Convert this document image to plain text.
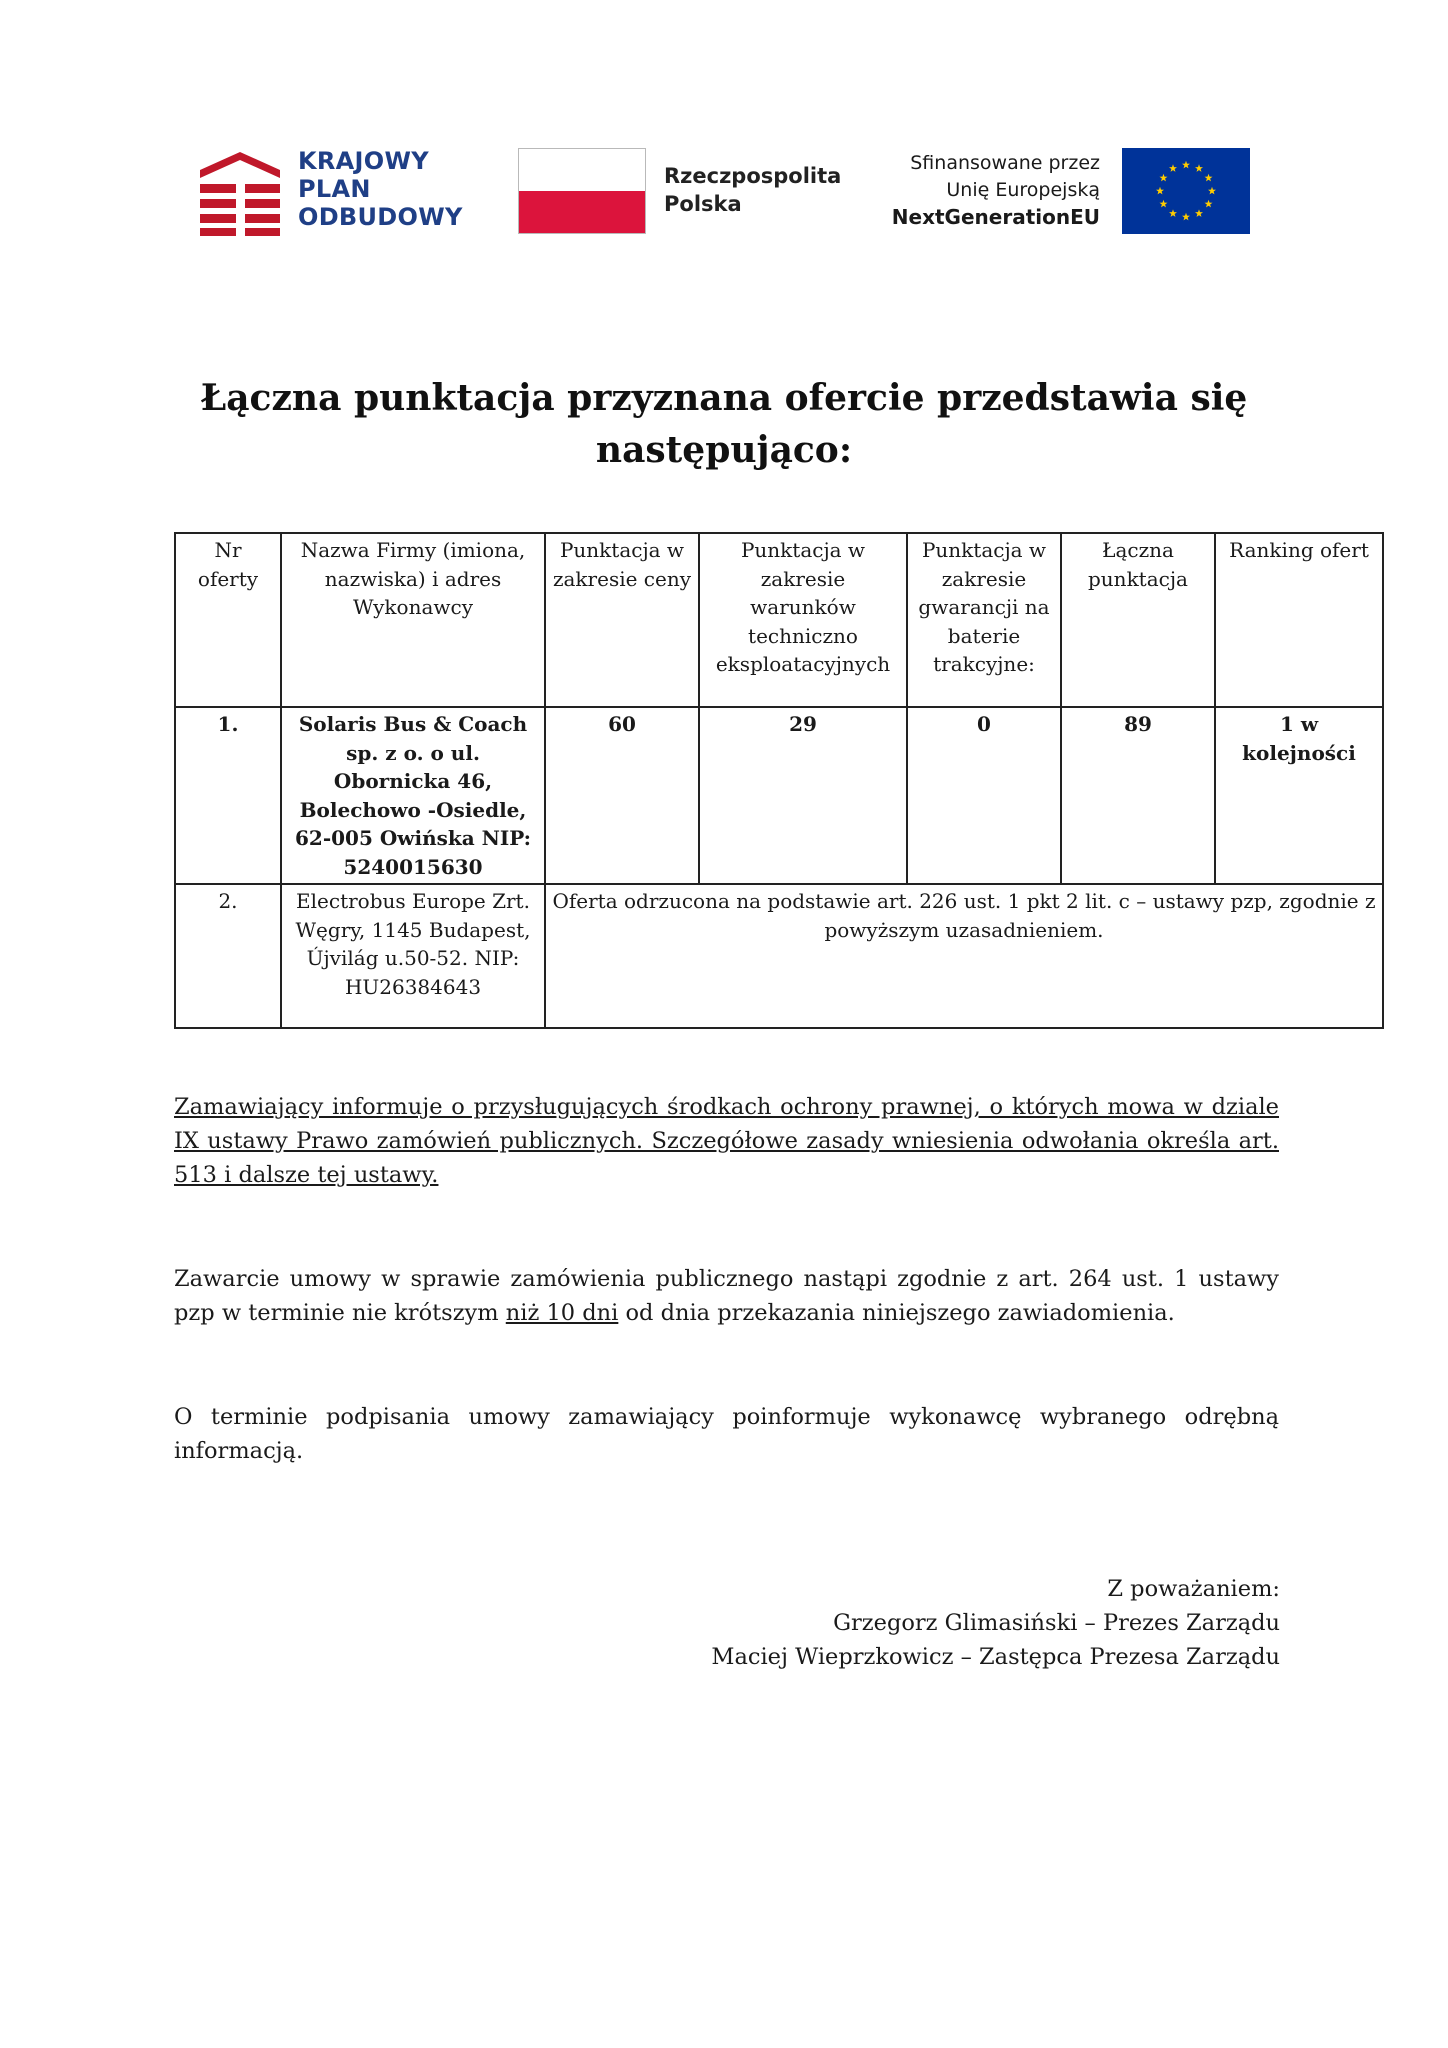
KRAJOWY
PLAN
ODBUDOWY
Rzeczpospolita
Polska
Sfinansowane przez
Unię Europejską
NextGenerationEU
Łączna punktacja przyznana ofercie przedstawia się następująco:
Nr oferty	Nazwa Firmy (imiona, nazwiska) i adres Wykonawcy	Punktacja w zakresie ceny	Punktacja w zakresie warunków techniczno eksploatacyjnych	Punktacja w zakresie gwarancji na baterie trakcyjne:	Łączna punktacja	Ranking ofert
1.	Solaris Bus & Coach sp. z o. o ul. Obornicka 46, Bolechowo -Osiedle, 62-005 Owińska NIP: 5240015630	60	29	0	89	1 w kolejności
2.	Electrobus Europe Zrt. Węgry, 1145 Budapest, Újvilág u.50-52. NIP: HU26384643	Oferta odrzucona na podstawie art. 226 ust. 1 pkt 2 lit. c – ustawy pzp, zgodnie z powyższym uzasadnieniem.				
Zamawiający informuje o przysługujących środkach ochrony prawnej, o których mowa w dziale IX ustawy Prawo zamówień publicznych. Szczegółowe zasady wniesienia odwołania określa art. 513 i dalsze tej ustawy.
Zawarcie umowy w sprawie zamówienia publicznego nastąpi zgodnie z art. 264 ust. 1 ustawy pzp w terminie nie krótszym niż 10 dni od dnia przekazania niniejszego zawiadomienia.
O terminie podpisania umowy zamawiający poinformuje wykonawcę wybranego odrębną informacją.
Z poważaniem:
Grzegorz Glimasiński – Prezes Zarządu
Maciej Wieprzkowicz – Zastępca Prezesa Zarządu
